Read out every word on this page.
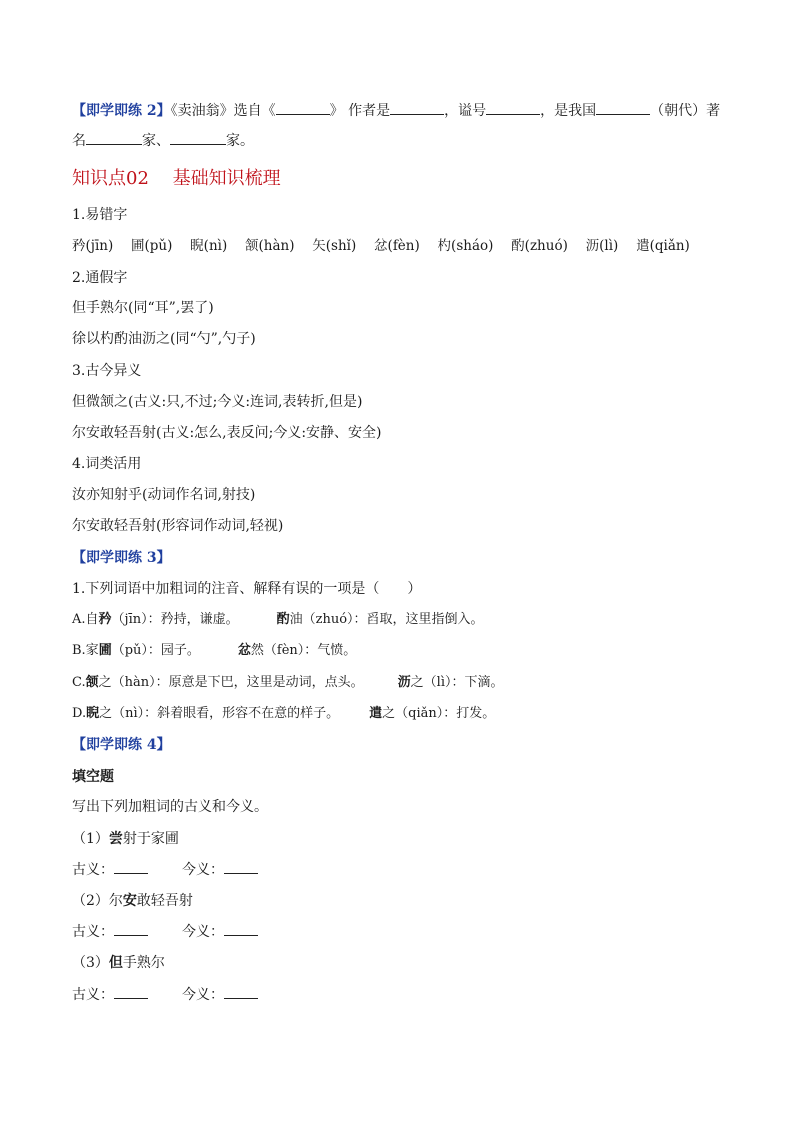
【即学即练 2】《卖油翁》选自《	》 作者是	，谥号	，是我国	（朝代）著
名	家、	家。
知识点02　 基础知识梳理
1.易错字
矜(jīn)　 圃(pǔ)　 睨(nì)　 颔(hàn)　 矢(shǐ)　 忿(fèn)　 杓(sháo)　 酌(zhuó)　 沥(lì)　 遣(qiǎn)
2.通假字
但手熟尔(同“耳”,罢了)
徐以杓酌油沥之(同“勺”,勺子)
3.古今异义
但微颔之(古义:只,不过;今义:连词,表转折,但是)
尔安敢轻吾射(古义:怎么,表反问;今义:安静、安全)
4.词类活用
汝亦知射乎(动词作名词,射技)
尔安敢轻吾射(形容词作动词,轻视)
【即学即练 3】
1.下列词语中加粗词的注音、解释有误的一项是（　　）
A.自矜（jīn）：矜持，谦虚。	酌油（zhuó）：舀取，这里指倒入。
B.家圃（pǔ）：园子。	忿然（fèn）：气愤。
C.颔之（hàn）：原意是下巴，这里是动词，点头。	沥之（lì）：下滴。
D.睨之（nì）：斜着眼看，形容不在意的样子。 遣之（qiǎn）：打发。
【即学即练 4】
填空题
写出下列加粗词的古义和今义。
（1）尝射于家圃
古义：	今义：
（2）尔安敢轻吾射
古义：	今义：
（3）但手熟尔
古义：	今义：
